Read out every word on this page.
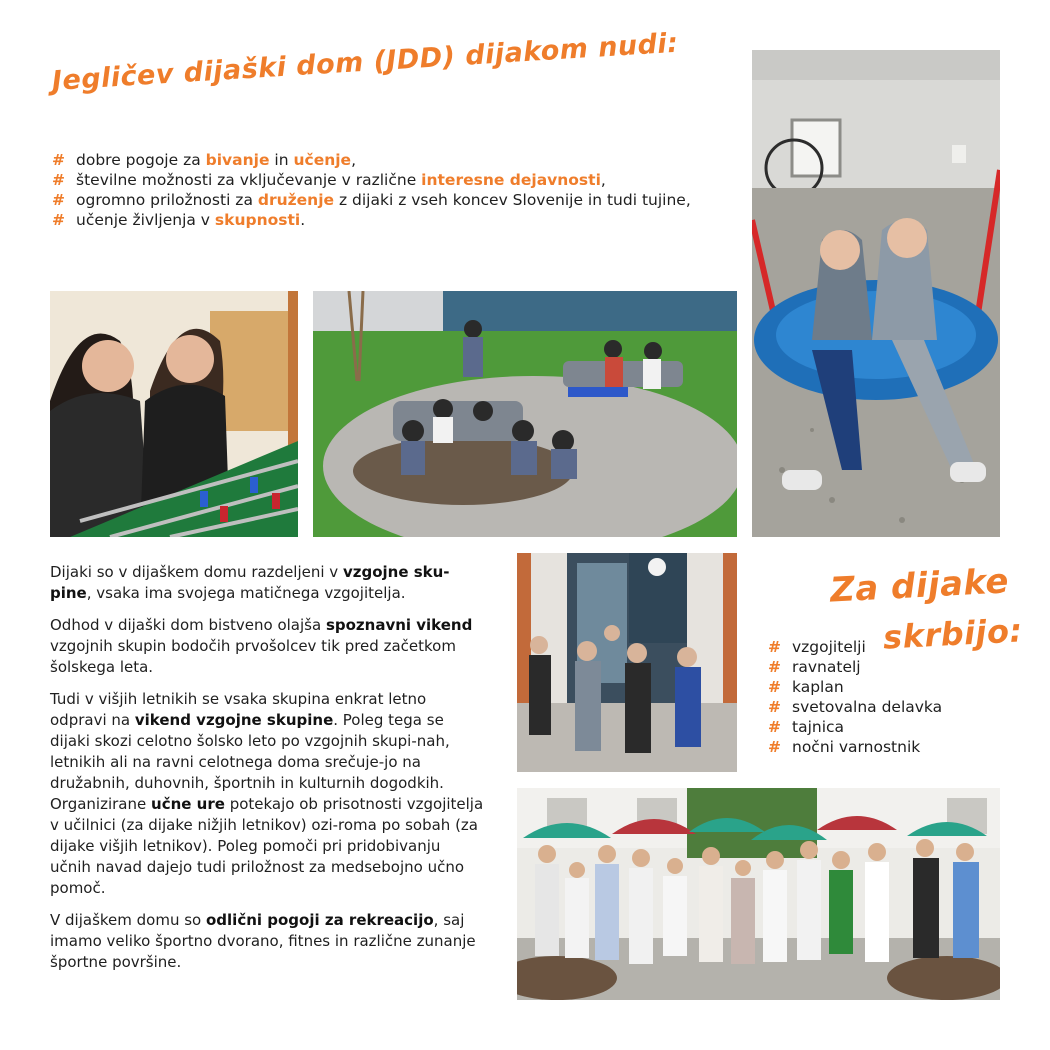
Jegličev dijaški dom (JDD) dijakom nudi:
# dobre pogoje za bivanje in učenje,
# številne možnosti za vključevanje v različne interesne dejavnosti,
# ogromno priložnosti za druženje z dijaki z vseh koncev Slovenije in tudi tujine,
# učenje življenja v skupnosti.

Dijaki so v dijaškem domu razdeljeni v vzgojne sku-pine, vsaka ima svojega matičnega vzgojitelja.

Odhod v dijaški dom bistveno olajša spoznavni vikend vzgojnih skupin bodočih prvošolcev tik pred začetkom šolskega leta.

Tudi v višjih letnikih se vsaka skupina enkrat letno odpravi na vikend vzgojne skupine. Poleg tega se dijaki skozi celotno šolsko leto po vzgojnih skupi-nah, letnikih ali na ravni celotnega doma srečuje-jo na družabnih, duhovnih, športnih in kulturnih dogodkih.

Organizirane učne ure potekajo ob prisotnosti vzgojitelja v učilnici (za dijake nižjih letnikov) ozi-roma po sobah (za dijake višjih letnikov). Poleg pomoči pri pridobivanju učnih navad dajejo tudi priložnost za medsebojno učno pomoč.

V dijaškem domu so odlični pogoji za rekreacijo, saj imamo veliko športno dvorano, fitnes in različne zunanje športne površine.

Za dijake
skrbijo:
# vzgojitelji
# ravnatelj
# kaplan
# svetovalna delavka
# tajnica
# nočni varnostnik
